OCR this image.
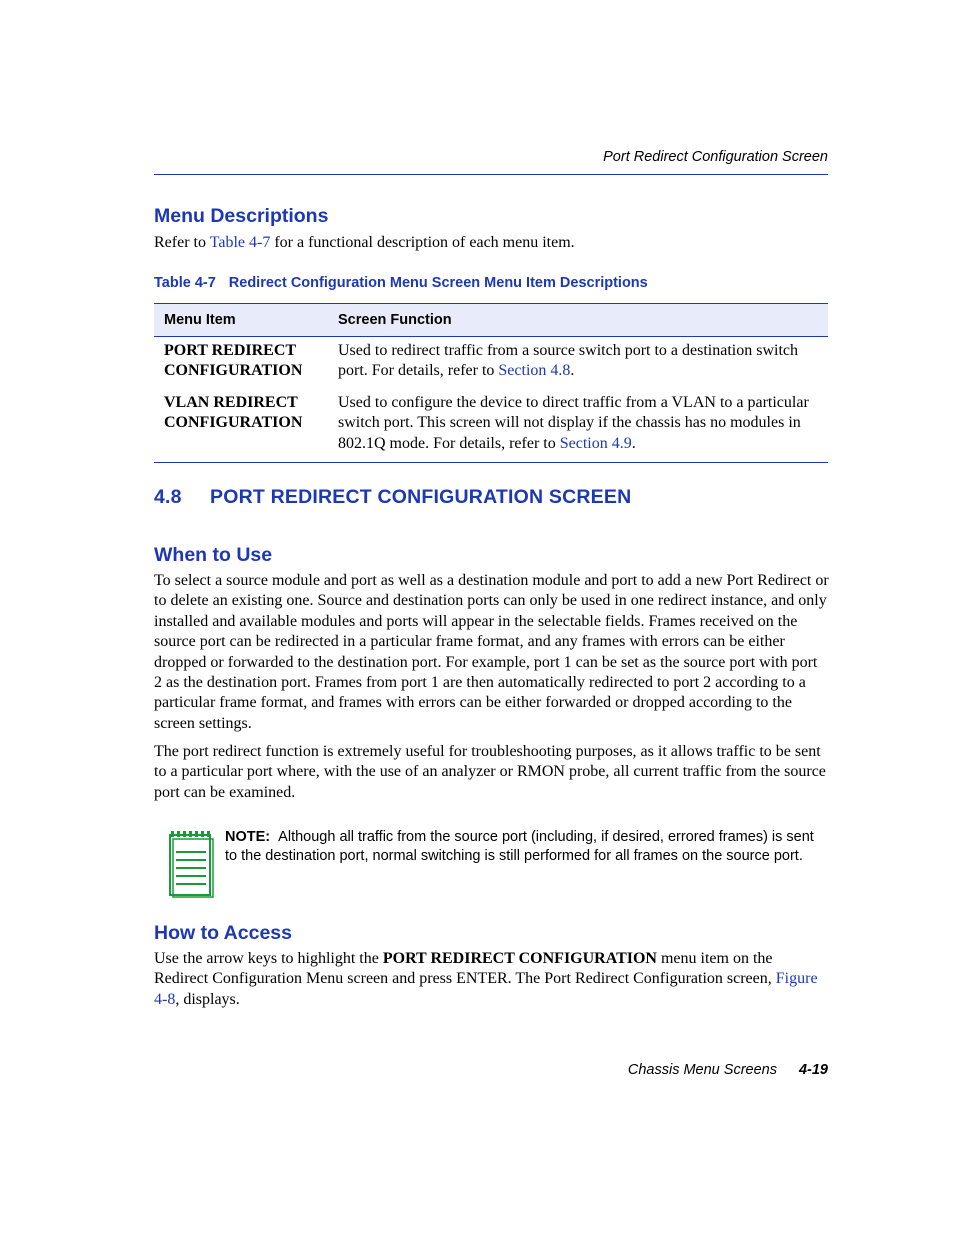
Port Redirect Configuration Screen
Menu Descriptions

Refer to Table 4-7 for a functional description of each menu item.

Table 4-7 Redirect Configuration Menu Screen Menu Item Descriptions
Menu Item	Screen Function
PORT REDIRECT
CONFIGURATION	Used to redirect traffic from a source switch port to a destination switch port. For details, refer to Section 4.8.
VLAN REDIRECT
CONFIGURATION	Used to configure the device to direct traffic from a VLAN to a particular switch port. This screen will not display if the chassis has no modules in 802.1Q mode. For details, refer to Section 4.9.
4.8 PORT REDIRECT CONFIGURATION SCREEN
When to Use

To select a source module and port as well as a destination module and port to add a new Port Redirect or to delete an existing one. Source and destination ports can only be used in one redirect instance, and only installed and available modules and ports will appear in the selectable fields. Frames received on the source port can be redirected in a particular frame format, and any frames with errors can be either dropped or forwarded to the destination port. For example, port 1 can be set as the source port with port 2 as the destination port. Frames from port 1 are then automatically redirected to port 2 according to a particular frame format, and frames with errors can be either forwarded or dropped according to the screen settings.

The port redirect function is extremely useful for troubleshooting purposes, as it allows traffic to be sent to a particular port where, with the use of an analyzer or RMON probe, all current traffic from the source port can be examined.

NOTE: Although all traffic from the source port (including, if desired, errored frames) is sent to the destination port, normal switching is still performed for all frames on the source port.

How to Access

Use the arrow keys to highlight the PORT REDIRECT CONFIGURATION menu item on the Redirect Configuration Menu screen and press ENTER. The Port Redirect Configuration screen, Figure 4-8, displays.

Chassis Menu Screens 4-19
